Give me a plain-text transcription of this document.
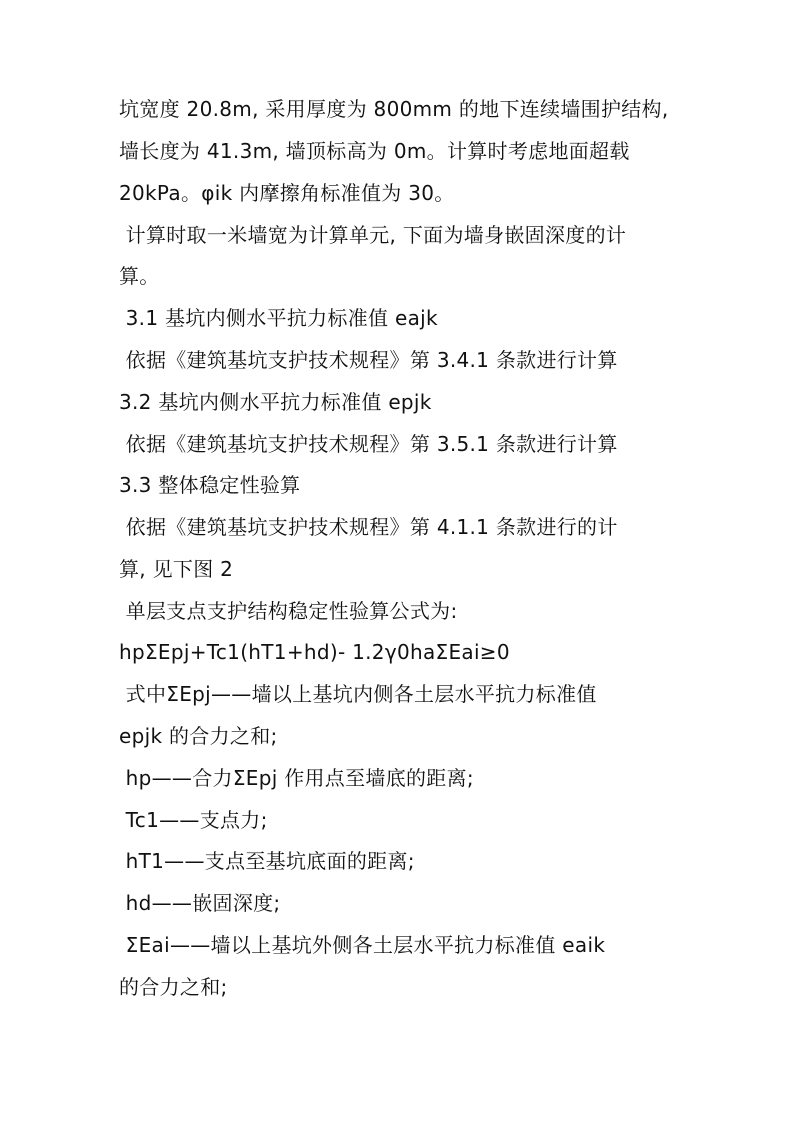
坑宽度 20.8m, 采用厚度为 800mm 的地下连续墙围护结构,
墙长度为 41.3m, 墙顶标高为 0m。计算时考虑地面超载
20kPa。φik 内摩擦角标准值为 30。
计算时取一米墙宽为计算单元, 下面为墙身嵌固深度的计
算。
3.1 基坑内侧水平抗力标准值 eajk
依据《建筑基坑支护技术规程》第 3.4.1 条款进行计算
3.2 基坑内侧水平抗力标准值 epjk
依据《建筑基坑支护技术规程》第 3.5.1 条款进行计算
3.3 整体稳定性验算
依据《建筑基坑支护技术规程》第 4.1.1 条款进行的计
算, 见下图 2
单层支点支护结构稳定性验算公式为:
hpΣEpj+Tc1(hT1+hd)- 1.2γ0haΣEai≥0
式中ΣEpj——墙以上基坑内侧各土层水平抗力标准值
epjk 的合力之和;
hp——合力ΣEpj 作用点至墙底的距离;
Tc1——支点力;
hT1——支点至基坑底面的距离;
hd——嵌固深度;
ΣEai——墙以上基坑外侧各土层水平抗力标准值 eaik
的合力之和;
